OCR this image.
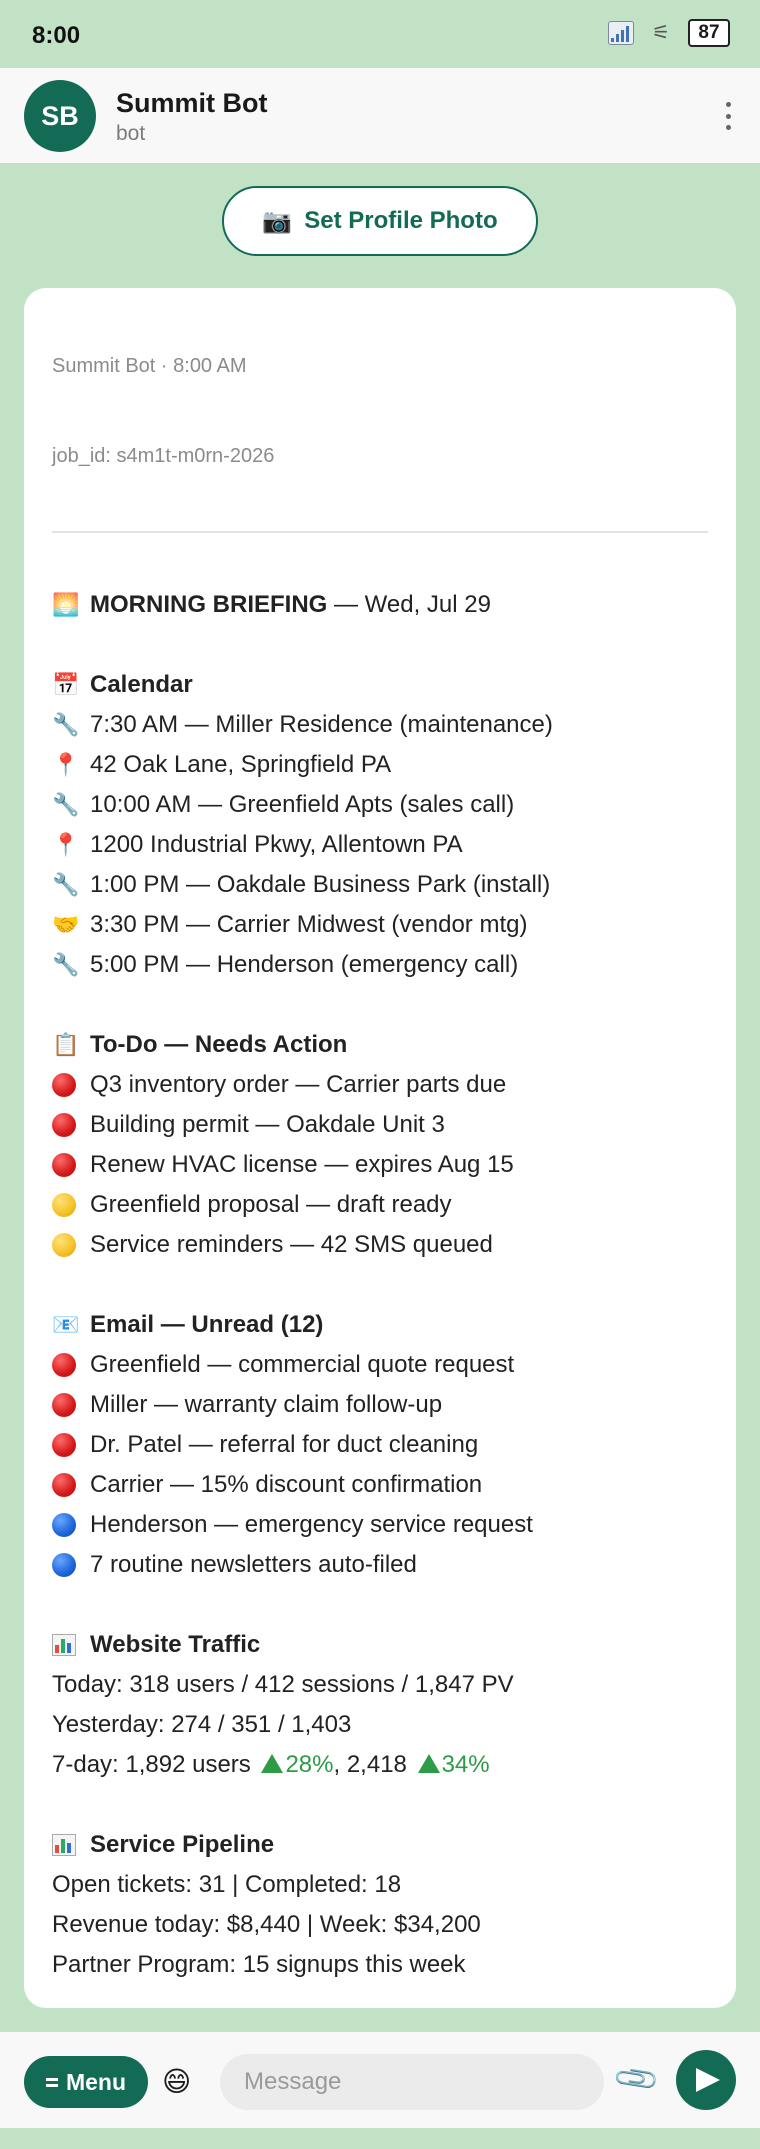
8:00	⚟	87
SB	Summit Bot
bot
📷 Set Profile Photo
Summit Bot · 8:00 AM
job_id: s4m1t-m0rn-2026
🌅 MORNING BRIEFING — Wed, Jul 29
📅 Calendar
🔧 7:30 AM — Miller Residence (maintenance)
📍 42 Oak Lane, Springfield PA
🔧 10:00 AM — Greenfield Apts (sales call)
📍 1200 Industrial Pkwy, Allentown PA
🔧 1:00 PM — Oakdale Business Park (install)
🤝 3:30 PM — Carrier Midwest (vendor mtg)
🔧 5:00 PM — Henderson (emergency call)
📋 To-Do — Needs Action
Q3 inventory order — Carrier parts due
Building permit — Oakdale Unit 3
Renew HVAC license — expires Aug 15
Greenfield proposal — draft ready
Service reminders — 42 SMS queued
📧 Email — Unread (12)
Greenfield — commercial quote request
Miller — warranty claim follow-up
Dr. Patel — referral for duct cleaning
Carrier — 15% discount confirmation
Henderson — emergency service request
7 routine newsletters auto-filed
Website Traffic
Today: 318 users / 412 sessions / 1,847 PV
Yesterday: 274 / 351 / 1,403
7-day: 1,892 users 28% , 2,418 34%
Service Pipeline
Open tickets: 31 | Completed: 18
Revenue today: $8,440 | Week: $34,200
Partner Program: 15 signups this week
Menu 😄
Message	📎
